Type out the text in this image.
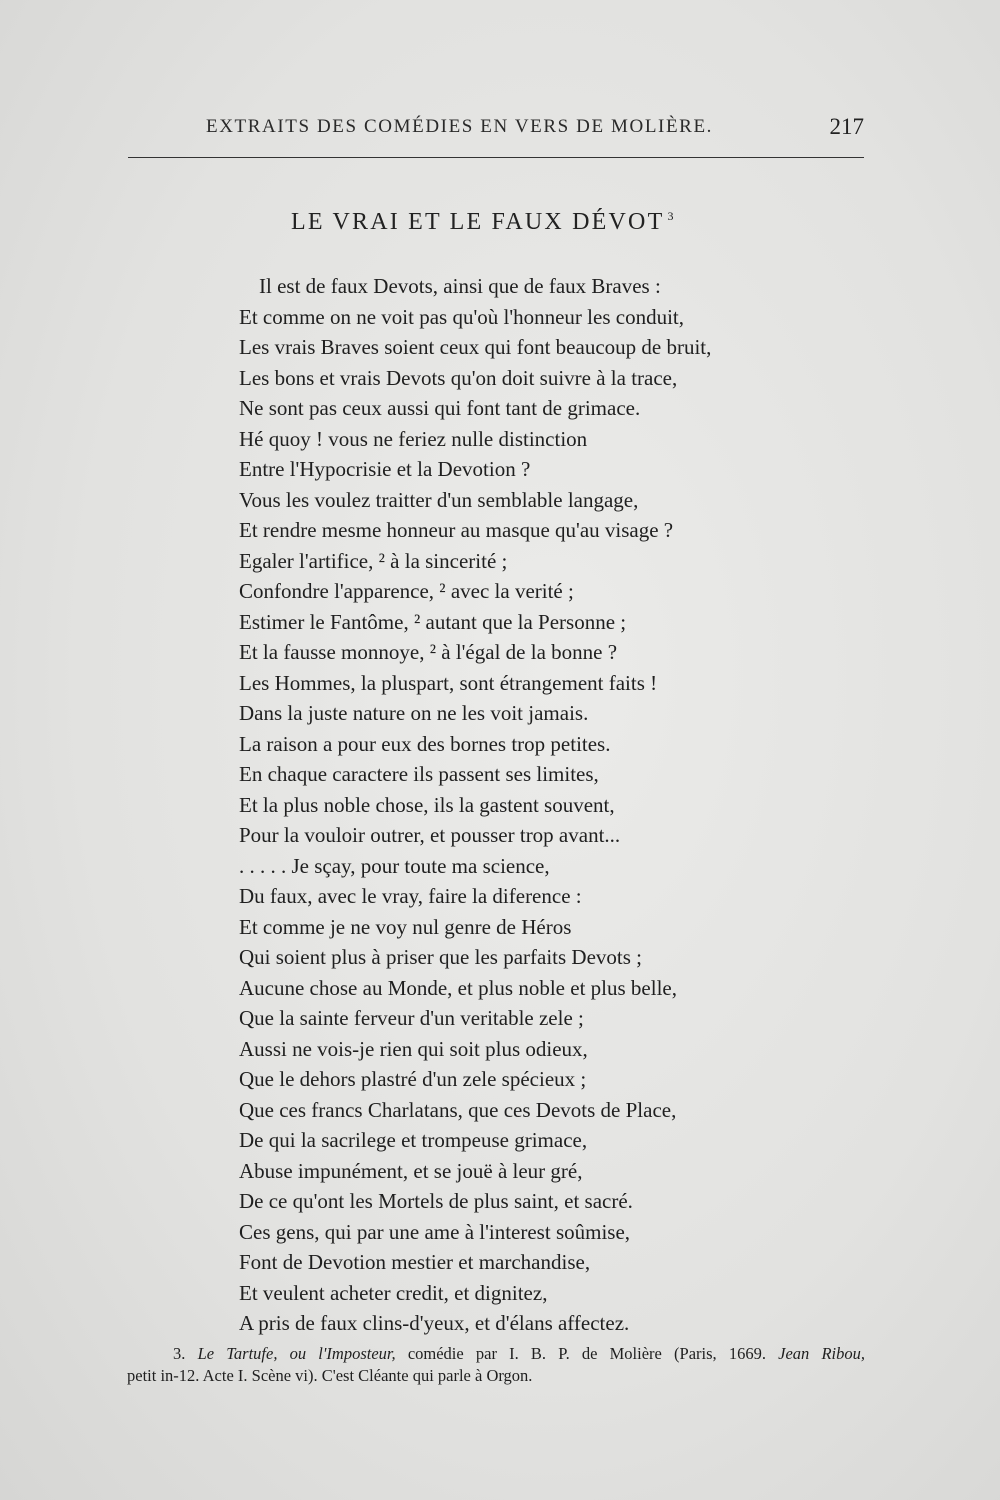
EXTRAITS DES COMÉDIES EN VERS DE MOLIÈRE.	217
LE VRAI ET LE FAUX DÉVOT $^3$
Il est de faux Devots, ainsi que de faux Braves :
Et comme on ne voit pas qu'où l'honneur les conduit,
Les vrais Braves soient ceux qui font beaucoup de bruit,
Les bons et vrais Devots qu'on doit suivre à la trace,
Ne sont pas ceux aussi qui font tant de grimace.
Hé quoy ! vous ne feriez nulle distinction
Entre l'Hypocrisie et la Devotion ?
Vous les voulez traitter d'un semblable langage,
Et rendre mesme honneur au masque qu'au visage ?
Egaler l'artifice, ² à la sincerité ;
Confondre l'apparence, ² avec la verité ;
Estimer le Fantôme, ² autant que la Personne ;
Et la fausse monnoye, ² à l'égal de la bonne ?
Les Hommes, la pluspart, sont étrangement faits !
Dans la juste nature on ne les voit jamais.
La raison a pour eux des bornes trop petites.
En chaque caractere ils passent ses limites,
Et la plus noble chose, ils la gastent souvent,
Pour la vouloir outrer, et pousser trop avant...
. . . . . Je sçay, pour toute ma science,
Du faux, avec le vray, faire la diference :
Et comme je ne voy nul genre de Héros
Qui soient plus à priser que les parfaits Devots ;
Aucune chose au Monde, et plus noble et plus belle,
Que la sainte ferveur d'un veritable zele ;
Aussi ne vois-je rien qui soit plus odieux,
Que le dehors plastré d'un zele spécieux ;
Que ces francs Charlatans, que ces Devots de Place,
De qui la sacrilege et trompeuse grimace,
Abuse impunément, et se jouë à leur gré,
De ce qu'ont les Mortels de plus saint, et sacré.
Ces gens, qui par une ame à l'interest soûmise,
Font de Devotion mestier et marchandise,
Et veulent acheter credit, et dignitez,
A pris de faux clins-d'yeux, et d'élans affectez.
3. Le Tartufe, ou l'Imposteur, comédie par I. B. P. de Molière (Paris, 1669. Jean Ribou,
petit in-12. Acte I. Scène vi). C'est Cléante qui parle à Orgon.
